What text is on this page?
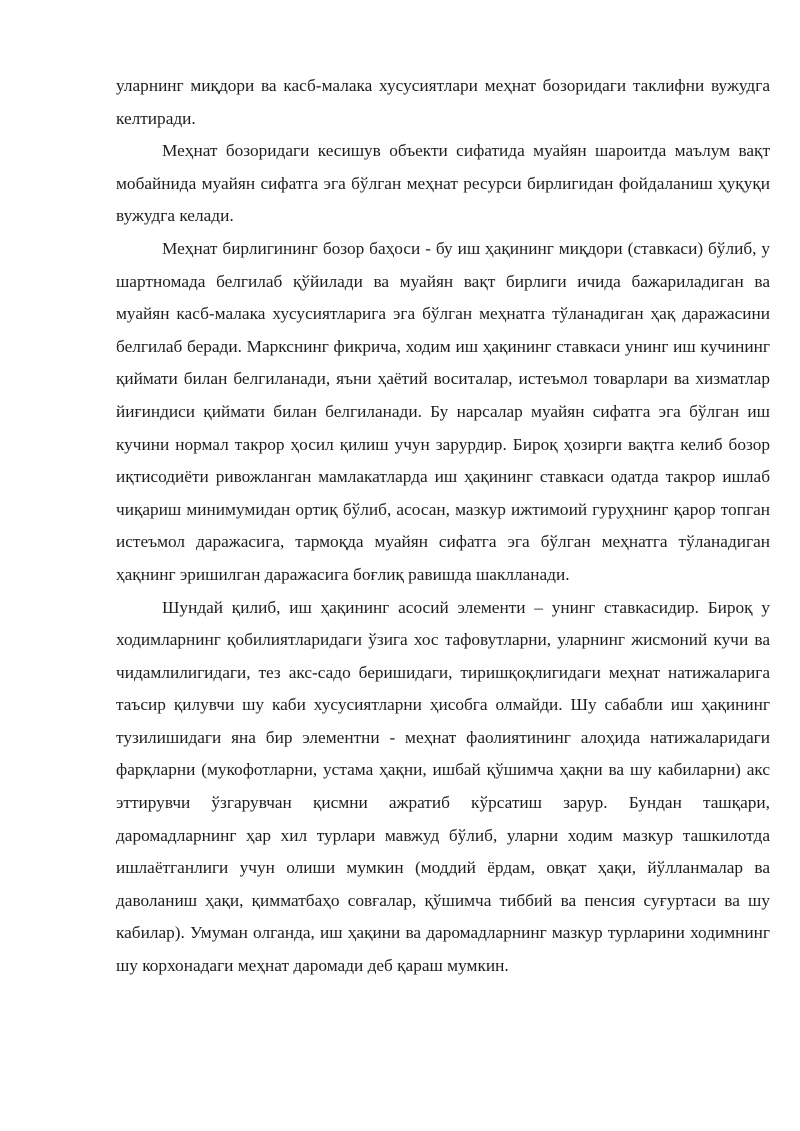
уларнинг миқдори ва касб-малака хусусиятлари меҳнат бозоридаги таклифни вужудга келтиради.

Меҳнат бозоридаги кесишув объекти сифатида муайян шароитда маълум вақт мобайнида муайян сифатга эга бўлган меҳнат ресурси бирлигидан фойдаланиш ҳуқуқи вужудга келади.

Меҳнат бирлигининг бозор баҳоси - бу иш ҳақининг миқдори (ставкаси) бўлиб, у шартномада белгилаб қўйилади ва муайян вақт бирлиги ичида бажариладиган ва муайян касб-малака хусусиятларига эга бўлган меҳнатга тўланадиган ҳақ даражасини белгилаб беради. Маркснинг фикрича, ходим иш ҳақининг ставкаси унинг иш кучининг қиймати билан белгиланади, яъни ҳаётий воситалар, истеъмол товарлари ва хизматлар йиғиндиси қиймати билан белгиланади. Бу нарсалар муайян сифатга эга бўлган иш кучини нормал такрор ҳосил қилиш учун зарурдир. Бироқ ҳозирги вақтга келиб бозор иқтисодиёти ривожланган мамлакатларда иш ҳақининг ставкаси одатда такрор ишлаб чиқариш минимумидан ортиқ бўлиб, асосан, мазкур ижтимоий гуруҳнинг қарор топган истеъмол даражасига, тармоқда муайян сифатга эга бўлган меҳнатга тўланадиган ҳақнинг эришилган даражасига боғлиқ равишда шаклланади.

Шундай қилиб, иш ҳақининг асосий элементи – унинг ставкасидир. Бироқ у ходимларнинг қобилиятларидаги ўзига хос тафовутларни, уларнинг жисмоний кучи ва чидамлилигидаги, тез акс-садо беришидаги, тиришқоқлигидаги меҳнат натижаларига таъсир қилувчи шу каби хусусиятларни ҳисобга олмайди. Шу сабабли иш ҳақининг тузилишидаги яна бир элементни - меҳнат фаолиятининг алоҳида натижаларидаги фарқларни (мукофотларни, устама ҳақни, ишбай қўшимча ҳақни ва шу кабиларни) акс эттирувчи ўзгарувчан қисмни ажратиб кўрсатиш зарур. Бундан ташқари, даромадларнинг ҳар хил турлари мавжуд бўлиб, уларни ходим мазкур ташкилотда ишлаётганлиги учун олиши мумкин (моддий ёрдам, овқат ҳақи, йўлланмалар ва даволаниш ҳақи, қимматбаҳо совғалар, қўшимча тиббий ва пенсия суғуртаси ва шу кабилар). Умуман олганда, иш ҳақини ва даромадларнинг мазкур турларини ходимнинг шу корхонадаги меҳнат даромади деб қараш мумкин.
